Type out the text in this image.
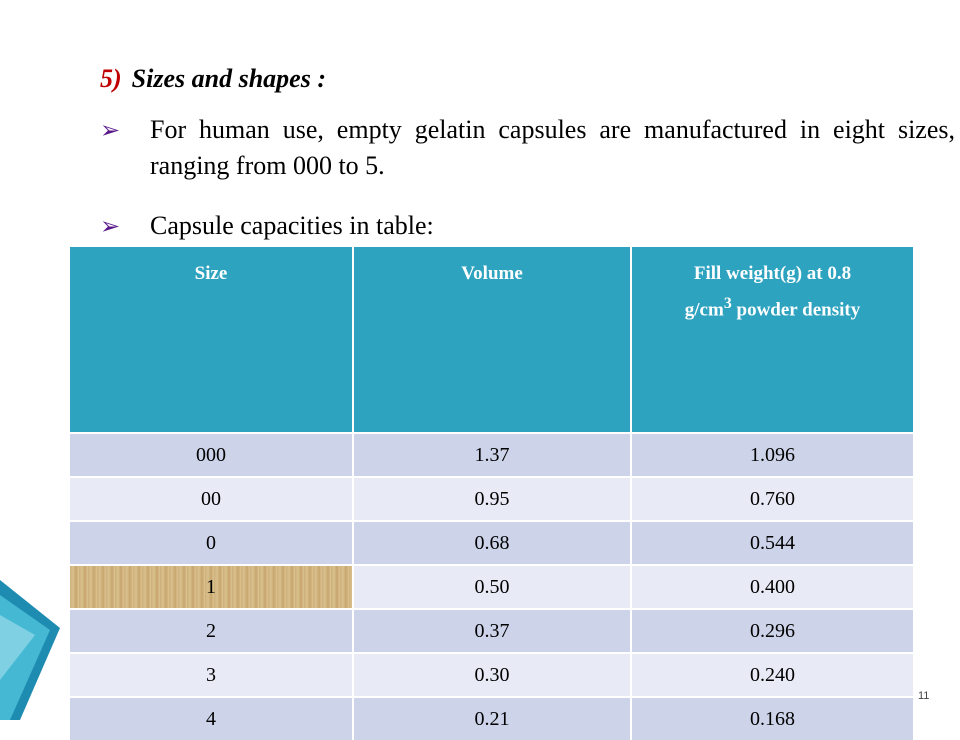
5) Sizes and shapes :
➢	For human use, empty gelatin capsules are manufactured in eight sizes, ranging from 000 to 5.
➢	Capsule capacities in table:
Size	Volume	Fill weight(g) at 0.8
$g/cm^3$ powder density
000	1.37	1.096
00	0.95	0.760
0	0.68	0.544
1	0.50	0.400
2	0.37	0.296
3	0.30	0.240
4	0.21	0.168
11
